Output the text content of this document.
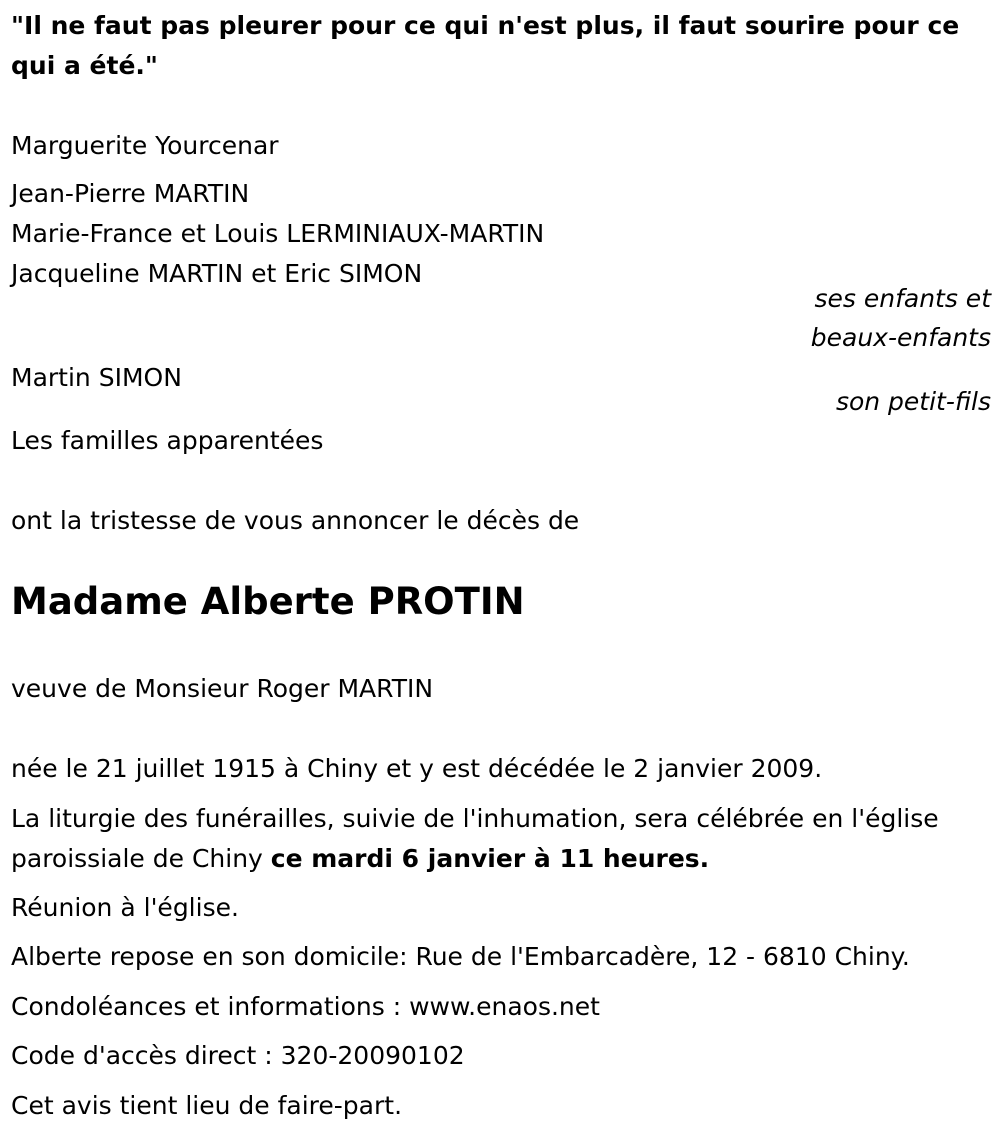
"Il ne faut pas pleurer pour ce qui n'est plus, il faut sourire pour ce qui a été."
Marguerite Yourcenar
Jean-Pierre MARTIN
Marie-France et Louis LERMINIAUX-MARTIN
Jacqueline MARTIN et Eric SIMON
ses enfants et
beaux-enfants
Martin SIMON
son petit-fils
Les familles apparentées
ont la tristesse de vous annoncer le décès de
Madame Alberte PROTIN
veuve de Monsieur Roger MARTIN
née le 21 juillet 1915 à Chiny et y est décédée le 2 janvier 2009.
La liturgie des funérailles, suivie de l'inhumation, sera célébrée en l'église paroissiale de Chiny ce mardi 6 janvier à 11 heures.
Réunion à l'église.
Alberte repose en son domicile: Rue de l'Embarcadère, 12 - 6810 Chiny.
Condoléances et informations : www.enaos.net
Code d'accès direct : 320-20090102
Cet avis tient lieu de faire-part.
